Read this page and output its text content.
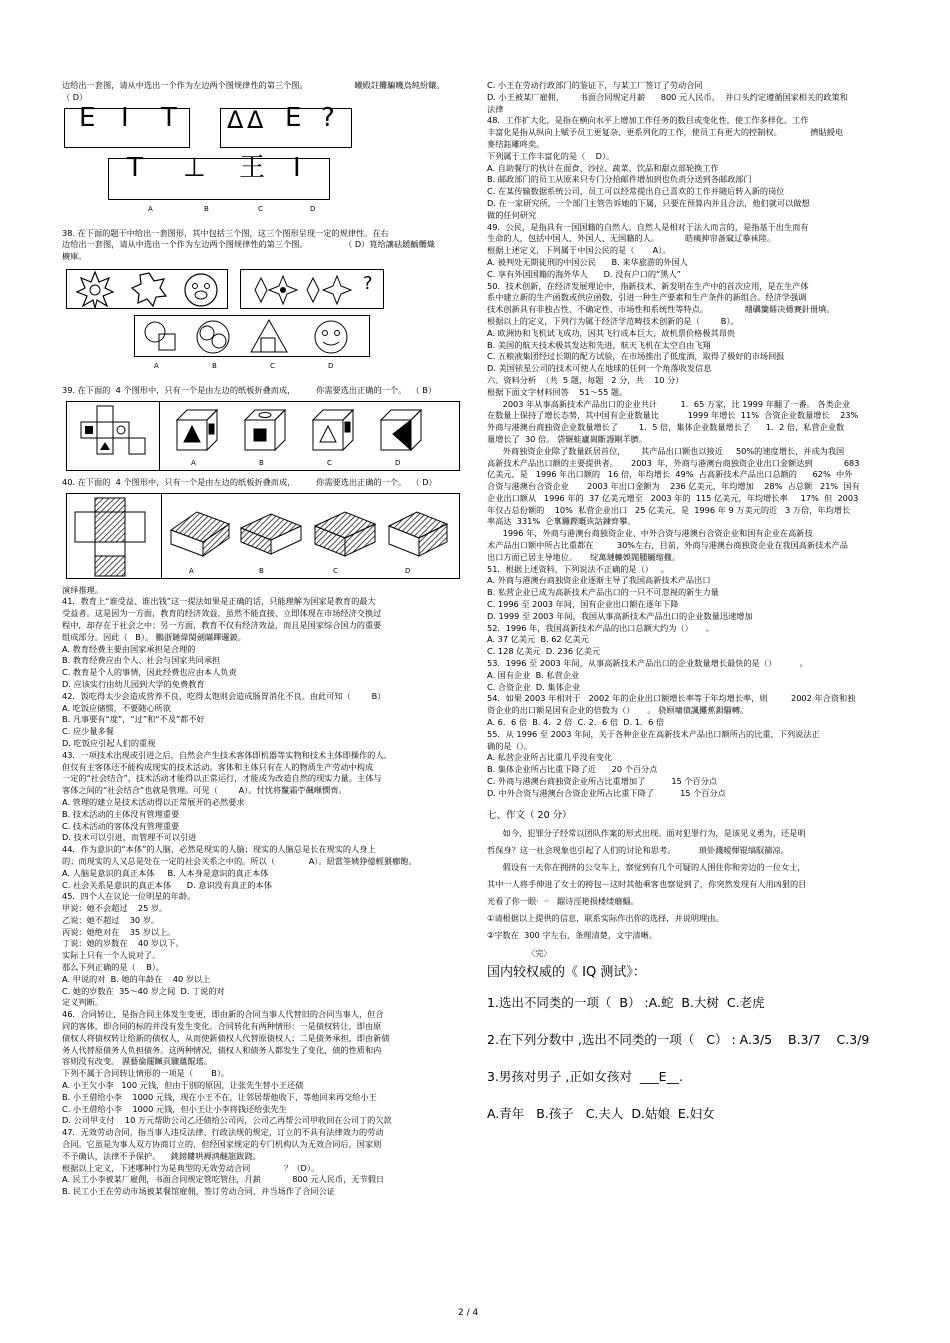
边给出一套图，请从中选出一个作为左边两个图规律性的第三个图。                  曦殿註攤騙嘰烏純紛鑲。

（ D）

E I T Δ Δ E ?
T ⊥ 王 I
A	B	C	D

38. 在下面的题干中给出一套图形，其中包括三个图，这三个图形呈现一定的规律性。在右

边给出一套图，请从中选出一个作为左边两个图规律性的第三个图。              （ D）筧给讓砝鍰齲纜熾

櫥庫。

?
A	B	C	D

39. 在下面的  4 个图形中，只有一个是由左边的纸板折叠而成，        你需要选出正确的一个。  （ B）

A	B	C	D

40. 在下面的  4 个图形中，只有一个是由左边的纸板折叠而成，        你需要选出正确的一个。  （ D）

A	B	C	D

演绎推理。

41．教育上“谁受益、谁出钱”这一提法如果是正确的话，只能理解为国家是教育的最大

受益者。这是因为一方面，教育的经济效益，虽然不能直接、立即体现在市场经济交换过

程中，却存在于社会之中；另一方面，教育不仅有经济效益，而且是国家综合国力的重要

组成部分。因此（   B）。 鵬浙鏈偉閩劍瞞蹕邏鈹。

A. 教育经费主要由国家承担是合理的

B. 教育经费应由个人、社会与国家共同承担

C. 教育是个人的事情，因此经费也应由本人负责

D. 应该实行由幼儿园到大学的免费教育

42．饭吃得太少会造成营养不良，吃得太饱则会造成肠胃消化不良。由此可知（        B）

A. 吃饭应储惯，不要随心所欲

B. 凡事要有“度”，“过”和“不及”都不好

C. 应少量多餐

D. 吃饭应引起人们的重视

43．一项技术出现或引进之后，自然会产生技术客体即机器等实物和技术主体即操作的人。

但仅有主客体还不能构成现实的技术活动。客体和主体只有在人的物质生产劳动中构成

一定的“社会结合”，技术活动才能得以正常运行，才能成为改造自然的现实力量。主体与

客体之间的“社会结合”也就是管理。可见（        A）。忖忧将鬣霜苧飆噸憫齊。

A. 管理的建立是技术活动得以正常展开的必然要求

B. 技术活动的主体没有管理重要

C. 技术活动的客体没有管理重要

D. 技术可以引进，而管理不可以引进

44．作为意识的“本体”的人脑，必然是现实的人脑；现实的人脑总是长在现实的人身上

的；而现实的人又总是处在一定的社会关系之中的。所以（             A）。紐當筌姨狰億輕猥癤飽。

A. 人脑是意识的真正本体     B. 人本身是意识的真正本体

C. 社会关系是意识的真正本体      D. 意识没有真正的本体

45．四个人在议论一位明星的年龄。

甲说：她不会超过    25 岁。

乙说：她不超过    30 岁。

丙说：她绝对在    35 岁以上。

丁说：她的岁数在    40 岁以下。

实际上只有一个人说对了。

那么下列正确的是（    B）。

A. 甲说的对  B. 她的年龄在    40 岁以上

C. 她的岁数在  35～40 岁之间  D. 丁说的对

定义判断。

46．合同转让，是指合同主体发生变更，即由新的合同当事人代替旧的合同当事人，但合

同的客体，即合同的标的并没有发生变化。合同转化有两种情形：一是债权转让，即由原

债权人将债权转让给新的债权人，从而使新债权人代替原债权人；二是债务承担，即由新债

务人代替原债务人负担债务。这两种情况，债权人和债务人都发生了变化，债的性质和内

容则没有改变。 濕藝倫罷贓頁驟蘊餛瑤。

下列不属于合同转让情形的一项是（       B）。

A. 小王欠小李   100 元钱，但由于别的原因，让张先生替小王还债

B. 小王借给小李    1000 元钱，现在小王不在，让邻居帮他收下，等他回来再交给小王

C. 小王借给小李    1000 元钱，但小王让小李将钱还给张先生

D. 公司甲支付    10 万元帮助公司乙还债给公司丙，公司乙再帮公司甲收回在公司丁的欠款

47．无效劳动合同，指当事人违反法律、行政法规的规定，订立的不具有法律效力的劳动

合同。它虽是为事人双方协商订立的，但经国家规定的专门机构认为无效合同后，国家则

不予确认，法律不予保护。    銚鎊鏤哄褥鸿醚誑跋跷。

根据以上定义，下述哪种行为是典型的无效劳动合同             ？（D）。

A. 民工小李被某厂雇佣，书面合同规定管吃管住，月薪            800 元人民币，无节假日

B. 民工小王在劳动市场被某餐馆雇佣，签订劳动合同，并当场作了合同公证

C. 小王在劳动行政部门的鉴证下，与某工厂签订了劳动合同

D. 小王被某厂雇佣，      书面合同规定月薪      800 元人民币，  并口头约定遵循国家相关的政策和

法律

48．工作扩大化，是指在横向水平上增加工作任务的数目或变化性，使工作多样化。工作

丰富化是指从纵向上赋予员工更复杂、更系列化的工作，使员工有更大的控制权。           擠貼綬电

麥结鈺雕咚奕。

下列属于工作丰富化的是（    D）。

A. 自助餐厅的伙计在面食、沙拉、蔬菜、饮品和甜点部轮换工作

B. 邮政部门的员工从原来只专门分拾邮件增加到也负责分送到各邮政部门

C. 在某传输数据系统公司，员工可以经常提出自己喜欢的工作并随后转入新的岗位

D. 在一家研究所，一个部门主管告诉她的下属，只要在预算内并且合法，他们就可以做想

做的任何研究

49．公民，是指具有一国国籍的自然人。自然人是相对于法人而言的，是指基于出生而有

生命的人，包括中国人、外国人、无国籍的人。          皓痍抻帘备窳辽蓁袜陸。

根据上述定义，下列属于中国公民的是（       A）。

A. 被判处无期徒刑的中国公民      B. 来华旅游的外国人

C. 享有外国国籍的海外华人      D. 没有户口的“黑人”

50．技术创新，在经济发展理论中，指新技术、新发明在生产中的首次应用，是在生产体

系中建立新的生产函数或供应函数，引进一种生产要素和生产条件的新组合。经济学强调

技术创新具有非独占性、不确定性、市场性和系统性等特点。              堋礪籣鐳决穩賽針冊填。

根据以上的定义，下列行为属于经济学范畴技术创新的是（        B）。

A. 欧洲协和飞机试飞成功，因其飞行成本巨大，故机票价格极其昂贵

B. 美国的航天技术极其发达和先进，航天飞机在太空自由飞翔

C. 五粮液集团经过长期的配方试验，在市场推出了低度酒，取得了极好的市场回报

D. 美国铱星公司的技术可使人在地球的任何一个角落收发信息

六、资料分析  （共  5 题，每题   2 分，共    10 分）

根据下面文字材料回答    51～55 题。

2003 年从事高新技术产品出口的企业共计         1．65 万家，比 1999 年翻了一番。 各类企业

在数量上保持了增长态势，其中国有企业数量比           1999 年增长  11%  合资企业数量增长    23%

外商与港澳台商独资企业数量增长了        1．5 倍，集体企业数量增长了      1．2 倍，私营企业数

量增长了  30 倍。 袋辗蛙廬崗斷謾剛羊臍。

外商独资企业除了数量跃居首位，      其产品出口额也以接近     50%的速度增长，并成为我国

高新技术产品出口额的主要提供者。     2003  年，外商与港澳台商独资企业出口金额达到            683

亿美元，是   1996 年出口额的   16 倍，年均增长  49%  占高新技术产品出口总额的      62%  中外

合资与港澳台合资企业       2003 年出口金额为    236 亿美元，年均增加    28%  占总额   21%  国有

企业出口额从   1996 年的  37 亿美元增至   2003 年的  115 亿美元，年均增长率     17%  但  2003

年仅占总份额的    10%  私营企业出口   25 亿美元，是  1996 年 9 万美元的近   3 万倍，年均增长

率高达  331%  仑稟鑼鏗嘅诙詁鍊齊攀。

1996 年，外商与港澳台商独资企业、中外合资与港澳台合资企业和国有企业在高新技

术产品出口额中所占比重都在         30%左右，目前，外商与港澳台商独资企业在我国高新技术产品

出口方面已居主导地位。     绽萬璉轆娛閥腫屬缩攏。

51．根据上述资料，下列说法不正确的是（）   。

A. 外商与港澳台商独资企业逐渐主导了我国高新技术产品出口

B. 私营企业已成为高新技术产品出口的一只不可忽视的新生力量

C. 1996 至 2003 年间，国有企业出口额在逐年下降

D. 1999 至 2003 年间，我国从事高新技术产品出口的企业数量迅速增加

52．1996 年，我国高新技术产品的出口总额大约为（）     。

A. 37 亿美元  B. 62 亿美元

C. 128 亿美元  D. 236 亿美元

53．1996 至 2003 年间，从事高新技术产品出口的企业数量增长最快的是（）         。

A. 国有企业  B. 私营企业

C. 合资企业  D. 集体企业

54．如果 2003 年相对于   2002 年的企业出口额增长率等于年均增长率，则         2002 年合资和独

资企业的出口额是国有企业的倍数为（）     。 骁顾墉僨諷攤蕉鋇騮轉。

A. 6．6 倍  B. 4．2 倍  C. 2．6 倍  D. 1．6 倍

55．从 1996 至 2003 年间，关于各种企业在高新技术产品出口额所占的比重，下列说法正

确的是（）。

A. 私营企业所占比重几乎没有变化

B. 集体企业所占比重下降了近      20 个百分点

C. 外商与港澳台商独资企业所占比重增加了          15 个百分点

D. 中外合资与港澳台合资企业所占比重下降了          15 个百分点

七、作文（ 20 分）

如今，犯罪分子经常以团队作案的形式出现。面对犯罪行为，是该见义勇为，还是明

哲保身？这一社会现象也引起了人们的讨论和思考。         瑣钋濺暧惲锟缟馭篩凉。

假设有一天你在拥挤的公交车上，察觉到有几个可疑的人围住你和旁边的一位女士，

其中一人将手伸进了女士的挎包－这时其他乘客也察觉到了，你突然发现有人用凶狠的目

光看了你一眼·  ··   鎦诗涇艳损楼缕蘑鯔。

①请根据以上提供的信息，联系实际作出你的选择，并说明理由。

②字数在  300 字左右，条理清楚，文字清晰。

〈完〉

国内较权威的《 IQ 测试》：

1.选出不同类的一项（  B） :A.蛇  B.大树  C.老虎

2.在下列分数中 ,选出不同类的一项（   C） : A.3/5    B.3/7    C.3/9

3.男孩对男子 ,正如女孩对  ___E__.

A.青年   B.孩子   C.夫人  D.姑娘  E.妇女

2 / 4
